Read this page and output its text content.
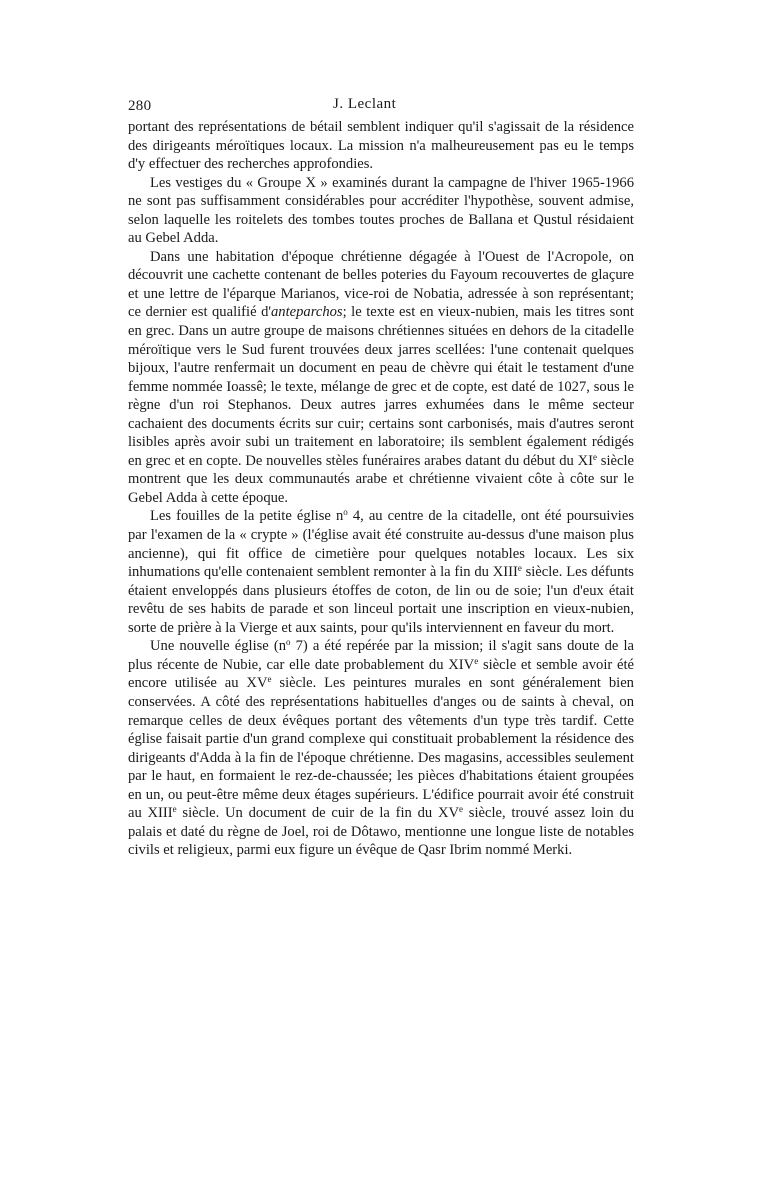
280	J. Leclant

portant des représentations de bétail semblent indiquer qu'il s'agissait de la résidence des dirigeants méroïtiques locaux. La mission n'a malheureusement pas eu le temps d'y effectuer des recherches approfondies.

Les vestiges du « Groupe X » examinés durant la campagne de l'hiver 1965-1966 ne sont pas suffisamment considérables pour accréditer l'hypothèse, souvent admise, selon laquelle les roitelets des tombes toutes proches de Ballana et Qustul résidaient au Gebel Adda.

Dans une habitation d'époque chrétienne dégagée à l'Ouest de l'Acropole, on découvrit une cachette contenant de belles poteries du Fayoum recouvertes de glaçure et une lettre de l'éparque Marianos, vice-roi de Nobatia, adressée à son représentant; ce dernier est qualifié d'anteparchos; le texte est en vieux-nubien, mais les titres sont en grec. Dans un autre groupe de maisons chrétiennes situées en dehors de la citadelle méroïtique vers le Sud furent trouvées deux jarres scellées: l'une contenait quelques bijoux, l'autre renfermait un document en peau de chèvre qui était le testament d'une femme nommée Ioassê; le texte, mélange de grec et de copte, est daté de 1027, sous le règne d'un roi Stephanos. Deux autres jarres exhumées dans le même secteur cachaient des documents écrits sur cuir; certains sont carbonisés, mais d'autres seront lisibles après avoir subi un traitement en laboratoire; ils semblent également rédigés en grec et en copte. De nouvelles stèles funéraires arabes datant du début du XIe siècle montrent que les deux communautés arabe et chrétienne vivaient côte à côte sur le Gebel Adda à cette époque.

Les fouilles de la petite église $n^o$ 4, au centre de la citadelle, ont été poursuivies par l'examen de la « crypte » (l'église avait été construite au-dessus d'une maison plus ancienne), qui fit office de cimetière pour quelques notables locaux. Les six inhumations qu'elle contenaient semblent remonter à la fin du XIIIe siècle. Les défunts étaient enveloppés dans plusieurs étoffes de coton, de lin ou de soie; l'un d'eux était revêtu de ses habits de parade et son linceul portait une inscription en vieux-nubien, sorte de prière à la Vierge et aux saints, pour qu'ils interviennent en faveur du mort.

Une nouvelle église ($n^o$ 7) a été repérée par la mission; il s'agit sans doute de la plus récente de Nubie, car elle date probablement du XIVe siècle et semble avoir été encore utilisée au XVe siècle. Les peintures murales en sont généralement bien conservées. A côté des représentations habituelles d'anges ou de saints à cheval, on remarque celles de deux évêques portant des vêtements d'un type très tardif. Cette église faisait partie d'un grand complexe qui constituait probablement la résidence des dirigeants d'Adda à la fin de l'époque chrétienne. Des magasins, accessibles seulement par le haut, en formaient le rez-de-chaussée; les pièces d'habitations étaient groupées en un, ou peut-être même deux étages supérieurs. L'édifice pourrait avoir été construit au XIIIe siècle. Un document de cuir de la fin du XVe siècle, trouvé assez loin du palais et daté du règne de Joel, roi de Dôtawo, mentionne une longue liste de notables civils et religieux, parmi eux figure un évêque de Qasr Ibrim nommé Merki.
